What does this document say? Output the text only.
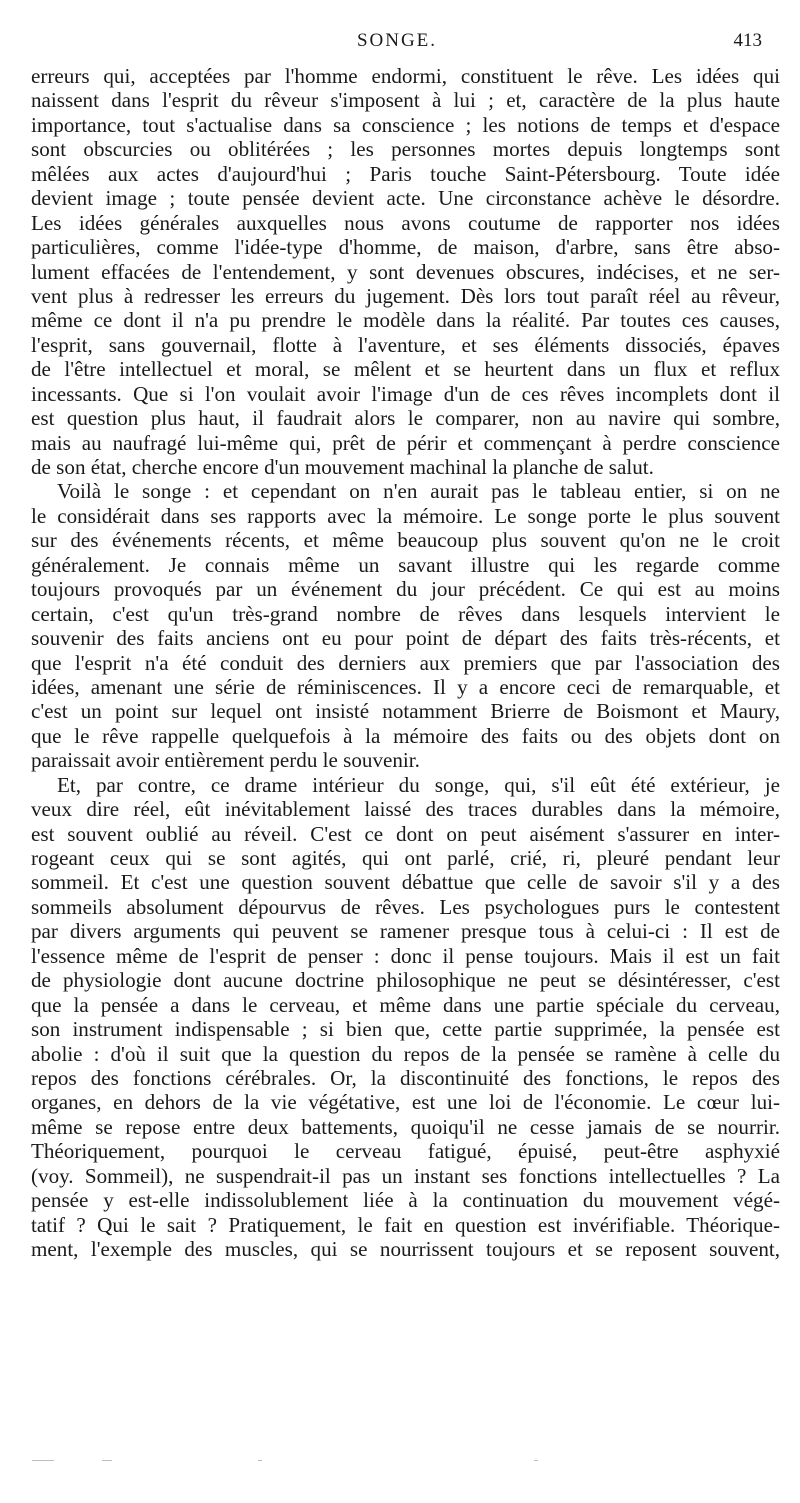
SONGE.	413
erreurs qui, acceptées par l'homme endormi, constituent le rêve. Les idées qui
naissent dans l'esprit du rêveur s'imposent à lui ; et, caractère de la plus haute
importance, tout s'actualise dans sa conscience ; les notions de temps et d'espace
sont obscurcies ou oblitérées ; les personnes mortes depuis longtemps sont
mêlées aux actes d'aujourd'hui ; Paris touche Saint-Pétersbourg. Toute idée
devient image ; toute pensée devient acte. Une circonstance achève le désordre.
Les idées générales auxquelles nous avons coutume de rapporter nos idées
particulières, comme l'idée-type d'homme, de maison, d'arbre, sans être abso-
lument effacées de l'entendement, y sont devenues obscures, indécises, et ne ser-
vent plus à redresser les erreurs du jugement. Dès lors tout paraît réel au rêveur,
même ce dont il n'a pu prendre le modèle dans la réalité. Par toutes ces causes,
l'esprit, sans gouvernail, flotte à l'aventure, et ses éléments dissociés, épaves
de l'être intellectuel et moral, se mêlent et se heurtent dans un flux et reflux
incessants. Que si l'on voulait avoir l'image d'un de ces rêves incomplets dont il
est question plus haut, il faudrait alors le comparer, non au navire qui sombre,
mais au naufragé lui-même qui, prêt de périr et commençant à perdre conscience
de son état, cherche encore d'un mouvement machinal la planche de salut.
Voilà le songe : et cependant on n'en aurait pas le tableau entier, si on ne
le considérait dans ses rapports avec la mémoire. Le songe porte le plus souvent
sur des événements récents, et même beaucoup plus souvent qu'on ne le croit
généralement. Je connais même un savant illustre qui les regarde comme
toujours provoqués par un événement du jour précédent. Ce qui est au moins
certain, c'est qu'un très-grand nombre de rêves dans lesquels intervient le
souvenir des faits anciens ont eu pour point de départ des faits très-récents, et
que l'esprit n'a été conduit des derniers aux premiers que par l'association des
idées, amenant une série de réminiscences. Il y a encore ceci de remarquable, et
c'est un point sur lequel ont insisté notamment Brierre de Boismont et Maury,
que le rêve rappelle quelquefois à la mémoire des faits ou des objets dont on
paraissait avoir entièrement perdu le souvenir.
Et, par contre, ce drame intérieur du songe, qui, s'il eût été extérieur, je
veux dire réel, eût inévitablement laissé des traces durables dans la mémoire,
est souvent oublié au réveil. C'est ce dont on peut aisément s'assurer en inter-
rogeant ceux qui se sont agités, qui ont parlé, crié, ri, pleuré pendant leur
sommeil. Et c'est une question souvent débattue que celle de savoir s'il y a des
sommeils absolument dépourvus de rêves. Les psychologues purs le contestent
par divers arguments qui peuvent se ramener presque tous à celui-ci : Il est de
l'essence même de l'esprit de penser : donc il pense toujours. Mais il est un fait
de physiologie dont aucune doctrine philosophique ne peut se désintéresser, c'est
que la pensée a dans le cerveau, et même dans une partie spéciale du cerveau,
son instrument indispensable ; si bien que, cette partie supprimée, la pensée est
abolie : d'où il suit que la question du repos de la pensée se ramène à celle du
repos des fonctions cérébrales. Or, la discontinuité des fonctions, le repos des
organes, en dehors de la vie végétative, est une loi de l'économie. Le cœur lui-
même se repose entre deux battements, quoiqu'il ne cesse jamais de se nourrir.
Théoriquement, pourquoi le cerveau fatigué, épuisé, peut-être asphyxié
(voy. Sommeil), ne suspendrait-il pas un instant ses fonctions intellectuelles ? La
pensée y est-elle indissolublement liée à la continuation du mouvement végé-
tatif ? Qui le sait ? Pratiquement, le fait en question est invérifiable. Théorique-
ment, l'exemple des muscles, qui se nourrissent toujours et se reposent souvent,
